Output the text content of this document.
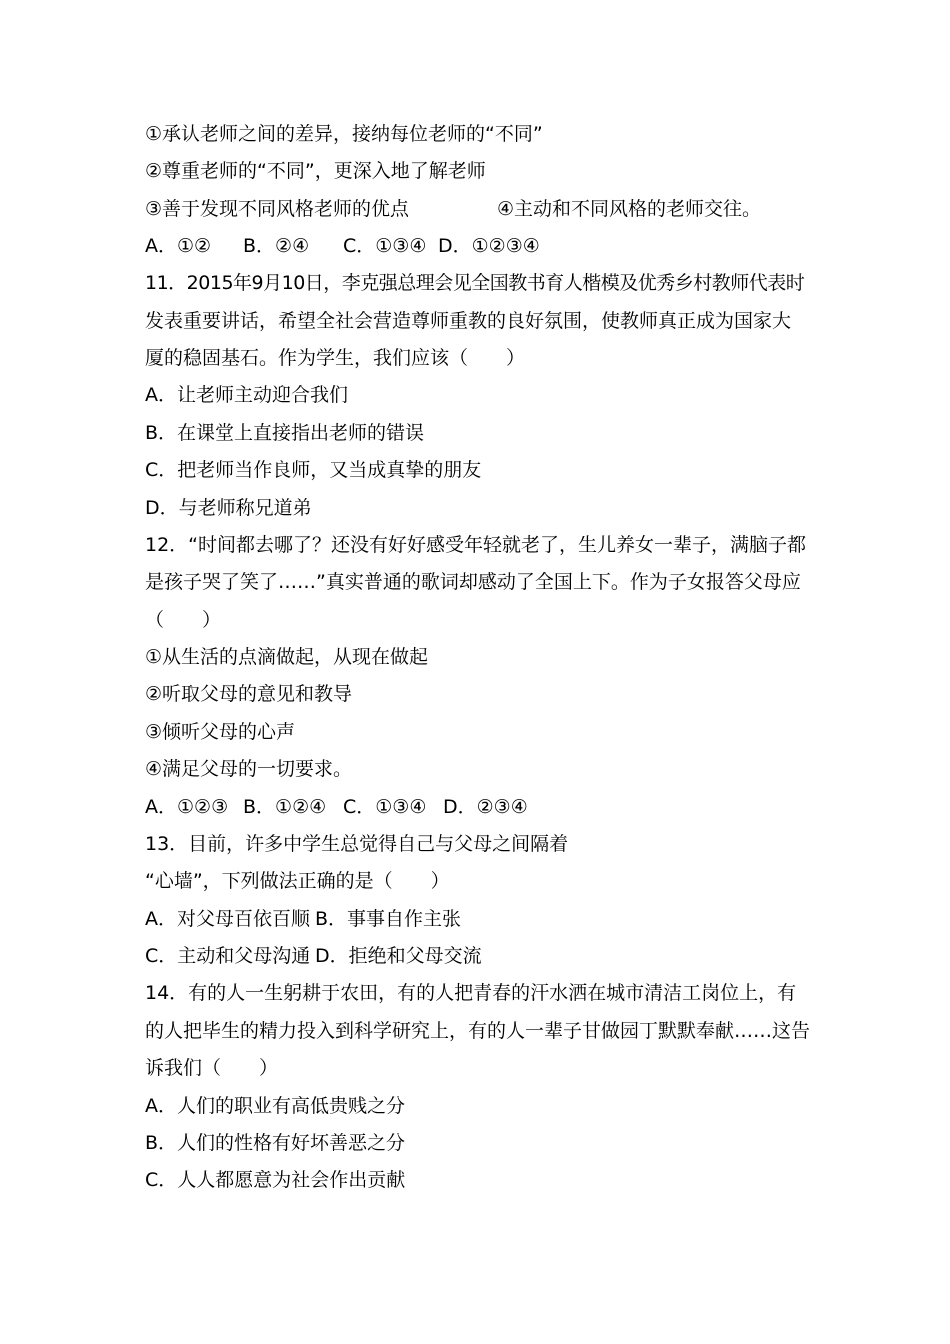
①承认老师之间的差异，接纳每位老师的“不同”
②尊重老师的“不同”，更深入地了解老师
③善于发现不同风格老师的优点	④主动和不同风格的老师交往。
A．①② B．②④ C．①③④ D．①②③④
11．2015年9月10日，李克强总理会见全国教书育人楷模及优秀乡村教师代表时
发表重要讲话，希望全社会营造尊师重教的良好氛围，使教师真正成为国家大
厦的稳固基石。作为学生，我们应该（　　）
A．让老师主动迎合我们
B．在课堂上直接指出老师的错误
C．把老师当作良师，又当成真挚的朋友
D．与老师称兄道弟
12．“时间都去哪了？还没有好好感受年轻就老了，生儿养女一辈子，满脑子都
是孩子哭了笑了……”真实普通的歌词却感动了全国上下。作为子女报答父母应
（　　）
①从生活的点滴做起，从现在做起
②听取父母的意见和教导
③倾听父母的心声
④满足父母的一切要求。
A．①②③ B．①②④ C．①③④ D．②③④
13．目前，许多中学生总觉得自己与父母之间隔着
“心墙”，下列做法正确的是（　　）
A．对父母百依百顺 B．事事自作主张
C．主动和父母沟通 D．拒绝和父母交流
14．有的人一生躬耕于农田，有的人把青春的汗水洒在城市清洁工岗位上，有
的人把毕生的精力投入到科学研究上，有的人一辈子甘做园丁默默奉献……这告
诉我们（　　）
A．人们的职业有高低贵贱之分
B．人们的性格有好坏善恶之分
C．人人都愿意为社会作出贡献
